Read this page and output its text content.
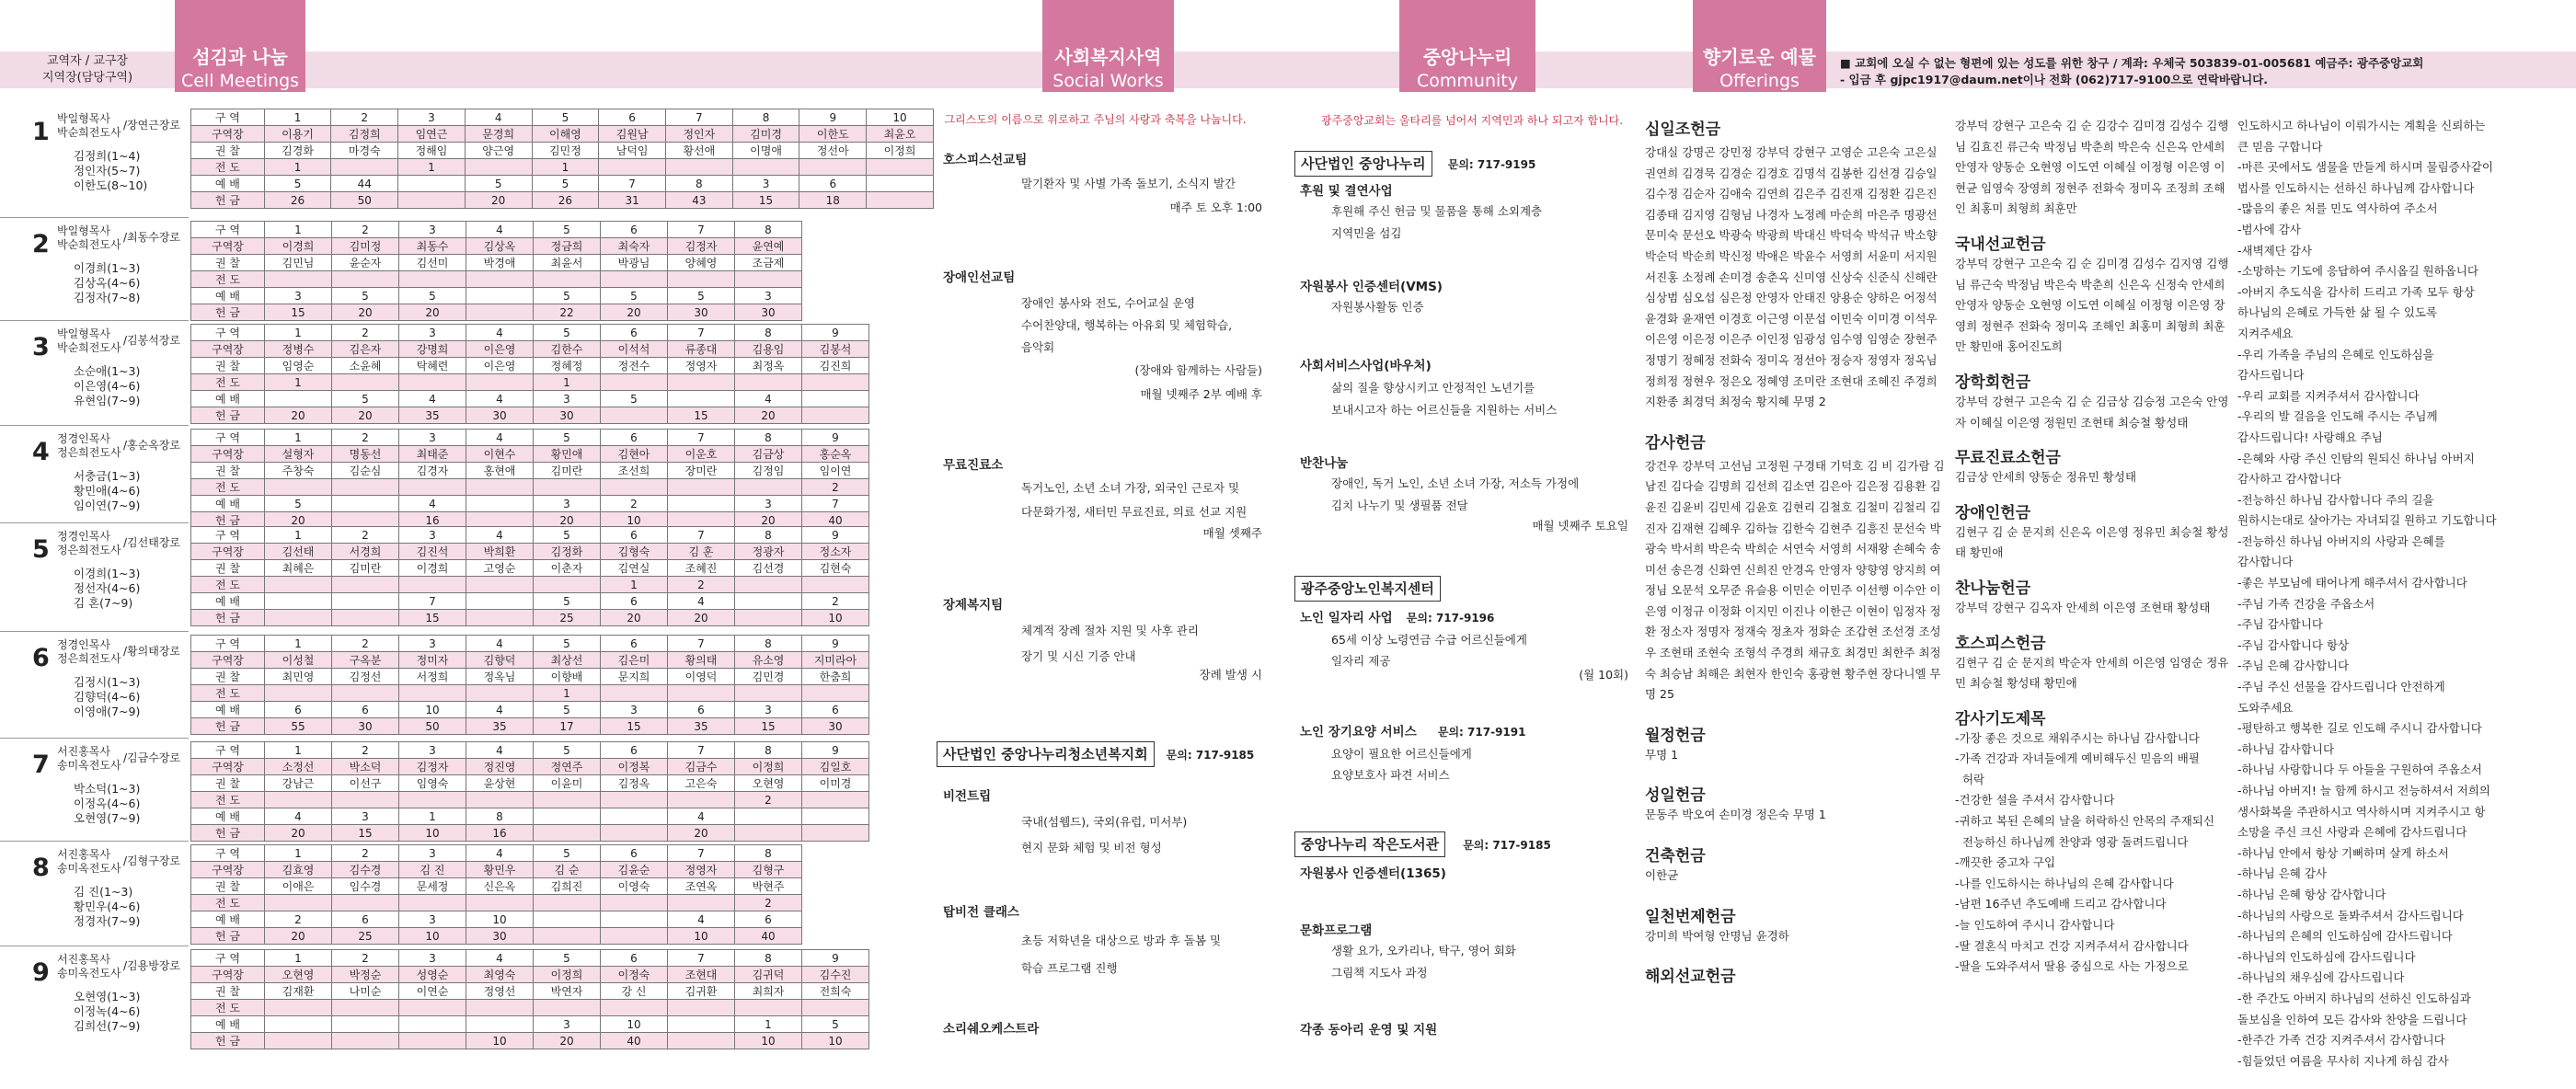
교역자 / 교구장
지역장(담당구역)
섬김과 나눔
Cell Meetings
사회복지사역
Social Works
중앙나누리
Community Center
향기로운 예물
Offerings
■ 교회에 오실 수 없는 형편에 있는 성도를 위한 창구 / 계좌: 우체국 503839-01-005681 예금주: 광주중앙교회
- 입금 후 gjpc1917@daum.net이나 전화 (062)717-9100으로 연락바랍니다.
1 박일형목사
박순희전도사
/장연근장로
김정희(1~4)
정인자(5~7)
이한도(8~10)
구 역	1	2	3	4	5	6	7	8	9	10
구역장	이용기	김정희	임연근	문경희	이해영	김원남	정인자	김미경	이한도	최윤오
권 찰	김경화	마경숙	정해임	양근영	김민정	남덕임	황선애	이명애	정선아	이정희
전 도	1		1		1					
예 배	5	44		5	5	7	8	3	6	
헌 금	26	50		20	26	31	43	15	18	
2 박일형목사
박순희전도사
/최동수장로
이경희(1~3)
김상옥(4~6)
김정자(7~8)
구 역	1	2	3	4	5	6	7	8
구역장	이경희	김미정	최동수	김상옥	정금희	최숙자	김정자	윤연예
권 찰	김민님	윤순자	김선미	박경애	최윤서	박광님	양혜영	조금제
전 도								
예 배	3	5	5		5	5	5	3
헌 금	15	20	20		22	20	30	30
3 박일형목사
박순희전도사
/김봉석장로
소순애(1~3)
이은영(4~6)
유현임(7~9)
구 역	1	2	3	4	5	6	7	8	9
구역장	정병수	김은자	강명희	이은영	김한수	이석석	류종대	김용임	김봉석
권 찰	임영순	소윤혜	탁혜련	이은영	정혜정	정전수	정영자	최정옥	김진희
전 도	1				1				
예 배		5	4	4	3	5		4	
헌 금	20	20	35	30	30		15	20	
4 정경인목사
정은희전도사
/홍순옥장로
서충금(1~3)
황민애(4~6)
임이연(7~9)
구 역	1	2	3	4	5	6	7	8	9
구역장	설형자	명동선	최태준	이현수	황민애	김현아	이운호	김금상	홍순옥
권 찰	주창숙	김순심	김경자	홍현애	김미란	조선희	장미란	김정임	임이연
전 도									2
예 배	5		4		3	2		3	7
헌 금	20		16		20	10		20	40
5 정경인목사
정은희전도사
/김선태장로
이경희(1~3)
정선자(4~6)
김 혼(7~9)
구 역	1	2	3	4	5	6	7	8	9
구역장	김선태	서경희	김진석	박희환	김정화	김형숙	김 훈	정광자	정소자
권 찰	최혜은	김미란	이경희	고영순	이춘자	김연실	조혜진	김선경	김현숙
전 도						1	2		
예 배			7		5	6	4		2
헌 금			15		25	20	20		10
6 정경인목사
정은희전도사
/황의태장로
김정시(1~3)
김향덕(4~6)
이영애(7~9)
구 역	1	2	3	4	5	6	7	8	9
구역장	이성철	구옥분	정미자	김향덕	최상선	김은미	황의태	유소영	지미라아
권 찰	최민영	김정선	서정희	정옥님	이향배	문지희	이영덕	김민경	한춤희
전 도					1				
예 배	6	6	10	4	5	3	6	3	6
헌 금	55	30	50	35	17	15	35	15	30
7 서진홍목사
송미옥전도사
/김금수장로
박소덕(1~3)
이정옥(4~6)
오현영(7~9)
구 역	1	2	3	4	5	6	7	8	9
구역장	소정선	박소덕	김정자	정진영	정연주	이정복	김금수	이정희	김일호
권 찰	강남근	이선구	임영숙	윤상현	이윤미	김정옥	고은숙	오현영	이미경
전 도								2	
예 배	4	3	1	8			4		
헌 금	20	15	10	16			20		
8 서진홍목사
송미옥전도사
/김형구장로
김 진(1~3)
황민우(4~6)
정경자(7~9)
구 역	1	2	3	4	5	6	7	8
구역장	김효영	김수경	김 진	황민우	김 순	김윤순	정영자	김형구
권 찰	이애은	임수경	문세정	신은옥	김희진	이영숙	조연옥	박현주
전 도								2
예 배	2	6	3	10			4	6
헌 금	20	25	10	30			10	40
9 서진홍목사
송미옥전도사
/김용방장로
오현영(1~3)
이정녹(4~6)
김희선(7~9)
구 역	1	2	3	4	5	6	7	8	9
구역장	오현영	박정순	성영순	최영숙	이정희	이정숙	조현대	김귀덕	김수진
권 찰	김재환	나미순	이연순	정영선	박연자	강 신	김귀환	최희자	전희숙
전 도									
예 배					3	10		1	5
헌 금				10	20	40		10	10
그리스도의 이름으로 위로하고 주님의 사랑과 축복을 나눕니다.
호스피스선교팀
말기환자 및 사별 가족 돌보기, 소식지 발간
매주 토 오후 1:00
장애인선교팀
장애인 봉사와 전도, 수어교실 운영
수어찬양대, 행복하는 아유회 및 체험학습,
음악회
(장애와 함께하는 사람들)
매월 넷째주 2부 예배 후
무료진료소
독거노인, 소년 소녀 가장, 외국인 근로자 및
다문화가정, 새터민 무료진료, 의료 선교 지원
매월 셋째주
장제복지팀
체계적 장례 절차 지원 및 사후 관리
장기 및 시신 기증 안내
장례 발생 시
사단법인 중앙나누리청소년복지회 문의: 717-9185
비전트립
국내(섬웹드), 국외(유럽, 미서부)
현지 문화 체험 및 비전 형성
탑비전 클래스
초등 저학년을 대상으로 방과 후 돌봄 및
학습 프로그램 진행
소리쉐오케스트라
광주중앙교회는 울타리를 넘어서 지역민과 하나 되고자 합니다.
사단법인 중앙나누리 문의: 717-9195
후원 및 결연사업
후원해 주신 헌금 및 물품을 통해 소외계층
지역민을 섬김
자원봉사 인증센터(VMS)
자원봉사활동 인증
사회서비스사업(바우처)
삶의 질을 향상시키고 안정적인 노년기를
보내시고자 하는 어르신들을 지원하는 서비스
반찬나눔
장애인, 독거 노인, 소년 소녀 가장, 저소득 가정에
김치 나누기 및 생필품 전달
매월 넷째주 토요일
광주중앙노인복지센터
노인 일자리 사업 문의: 717-9196
65세 이상 노령연금 수급 어르신들에게
일자리 제공
(월 10회)
노인 장기요양 서비스 문의: 717-9191
요양이 필요한 어르신들에게
요양보호사 파견 서비스
중앙나누리 작은도서관 문의: 717-9185
자원봉사 인증센터(1365)
문화프로그램
생활 요가, 오카리나, 탁구, 영어 회화
그림책 지도사 과정
각종 동아리 운영 및 지원
십일조헌금
강대실 강명곤 강민정 강부덕 강현구 고영순 고은숙 고은실 권연희 김경묵 김경순 김경호 김명석 김봉한 김선경 김승일 김수정 김순자 김애숙 김연희 김은주 김진재 김정환 김은진 김종태 김지영 김형님 나경자 노정례 마순희 마은주 명광선 문미숙 문선오 박광숙 박광희 박대신 박덕숙 박석규 박소향 박순덕 박순희 박신정 박애은 박윤수 서영희 서윤미 서지원 서진홍 소정례 손미경 송춘옥 신미영 신상숙 신준식 신해란 심상범 심오섭 심은정 안영자 안태진 양용순 양하은 어정석 윤경화 윤재연 이경호 이근영 이문섭 이민숙 이미경 이석우 이은영 이은정 이은주 이인정 임광성 임수영 임영순 장현주 정명기 정혜정 전화숙 정미옥 정선아 정승자 정영자 정옥님 정희정 정현우 정은오 정혜영 조미란 조현대 조혜진 주경희 지환종 최경덕 최정숙 황지혜 무명 2
감사헌금
강건우 강부덕 고선님 고정원 구경태 기덕호 김 비 김가람 김남진 김다슬 김명희 김선희 김소연 김은아 김은정 김용환 김윤진 김윤비 김민세 김윤호 김현리 김철호 김철미 김철리 김진자 김재현 김혜우 김하늘 김한숙 김현주 김흥진 문선숙 박광숙 박서희 박은숙 박희순 서연숙 서영희 서재왕 손혜숙 송미선 송은경 신화연 신희진 안경옥 안영자 양향영 양지희 여정님 오문석 오무준 유슬용 이민순 이민주 이선행 이수안 이은영 이정규 이정화 이지민 이진나 이한근 이현이 임정자 정 환 정소자 정명자 정재숙 정초자 정화순 조갑현 조선경 조성우 조현태 조현숙 조형석 주경희 채규호 최경민 최한주 최정숙 최승남 최해은 최현자 한인숙 홍광현 황주현 장다니엘 무명 25
월정헌금
무명 1
성일헌금
문동주 박오여 손미경 정은숙 무명 1
건축헌금
이한균
일천번제헌금
강미희 박여형 안명님 윤경하
해외선교헌금
강부덕 강현구 고은숙 김 순 김강수 김미경 김성수 김행님 김효진 류근숙 박정님 박춘희 박은숙 신은옥 안세희 안영자 양동순 오현영 이도연 이혜실 이정형 이은영 이현균 임영숙 장영희 정현주 전화숙 정미옥 조정희 조해인 최홍미 최형희 최훈만
국내선교헌금
강부덕 강현구 고은숙 김 순 김미경 김성수 김지영 김행님 류근숙 박정님 박은숙 박춘희 신은옥 신정숙 안세희 안영자 양동순 오현영 이도연 이혜실 이정형 이은영 장영희 정현주 전화숙 정미옥 조해인 최홍미 최형희 최훈만 황민애 홍어진도희
장학회헌금
강부덕 강현구 고은숙 김 순 김금상 김승정 고은숙 안영자 이혜실 이은영 정원민 조현태 최승철 황성태
무료진료소헌금
김금상 안세희 양동순 정유민 황성태
장애인헌금
김현구 김 순 문지희 신은옥 이은영 정유민 최승철 황성태 황민애
찬나눔헌금
강부덕 강현구 김옥자 안세희 이은영 조현태 황성태
호스피스헌금
김현구 김 순 문지희 박순자 안세희 이은영 임영순 정유민 최승철 황성태 황민애
감사기도제목
-가장 좋은 것으로 채워주시는 하나님 감사합니다
-가족 건강과 자녀들에게 예비해두신 믿음의 배필
허락
-건강한 설을 주셔서 감사합니다
-귀하고 복된 은혜의 날을 허락하신 안목의 주재되신
전능하신 하나님께 찬양과 영광 돌려드립니다
-깨끗한 중고차 구입
-나를 인도하시는 하나님의 은혜 감사합니다
-남편 16주년 추도예배 드리고 감사합니다
-늘 인도하여 주시니 감사합니다
-딸 결혼식 마치고 건강 지켜주셔서 감사합니다
-딸을 도와주셔서 딸용 중심으로 사는 가정으로
인도하시고 하나님이 이뤄가시는 계획을 신뢰하는
큰 믿음 구합니다
-마른 곳에서도 샘물을 만들게 하시며 물림증사같이
법사를 인도하시는 선하신 하나님께 감사합니다
-많음의 좋은 처를 민도 역사하여 주소서
-범사에 감사
-새벽제단 감사
-소망하는 기도에 응답하여 주시옵길 원하옵니다
-아버지 추도식을 감사히 드리고 가족 모두 항상
하나님의 은혜로 가득한 삶 될 수 있도록
지켜주세요
-우리 가족을 주님의 은혜로 인도하심을
감사드립니다
-우리 교회를 지켜주셔서 감사합니다
-우리의 발 걸음을 인도해 주시는 주님께
감사드립니다! 사랑해요 주님
-은혜와 사랑 주신 인탐의 원되신 하나님 아버지
감사하고 감사합니다
-전능하신 하나님 감사합니다 주의 길을
원하시는대로 살아가는 자녀되길 원하고 기도합니다
-전능하신 하나님 아버지의 사랑과 은혜를
감사합니다
-좋은 부모님에 태어나게 해주셔서 감사합니다
-주님 가족 건강을 주옵소서
-주님 감사합니다
-주님 감사합니다 항상
-주님 은혜 감사합니다
-주님 주신 선물을 감사드립니다 안전하게
도와주세요
-평탄하고 행복한 길로 인도해 주시니 감사합니다
-하나님 감사합니다
-하나님 사랑합니다 두 아들을 구원하여 주옵소서
-하나님 아버지! 늘 함께 하시고 전능하셔서 저희의
생사화복을 주관하시고 역사하시며 지켜주시고 항
소망을 주신 크신 사랑과 은혜에 감사드립니다
-하나님 안에서 항상 기뻐하며 살게 하소서
-하나님 은혜 감사
-하나님 은혜 항상 감사합니다
-하나님의 사랑으로 돌봐주셔서 감사드립니다
-하나님의 은혜의 인도하심에 감사드립니다
-하나님의 인도하심에 감사드립니다
-하나님의 채우심에 감사드립니다
-한 주간도 아버지 하나님의 선하신 인도하심과
돌보심을 인하여 모든 감사와 찬양을 드립니다
-한주간 가족 건강 지켜주셔서 감사합니다
-힘들었던 여름을 무사히 지나게 하심 감사
